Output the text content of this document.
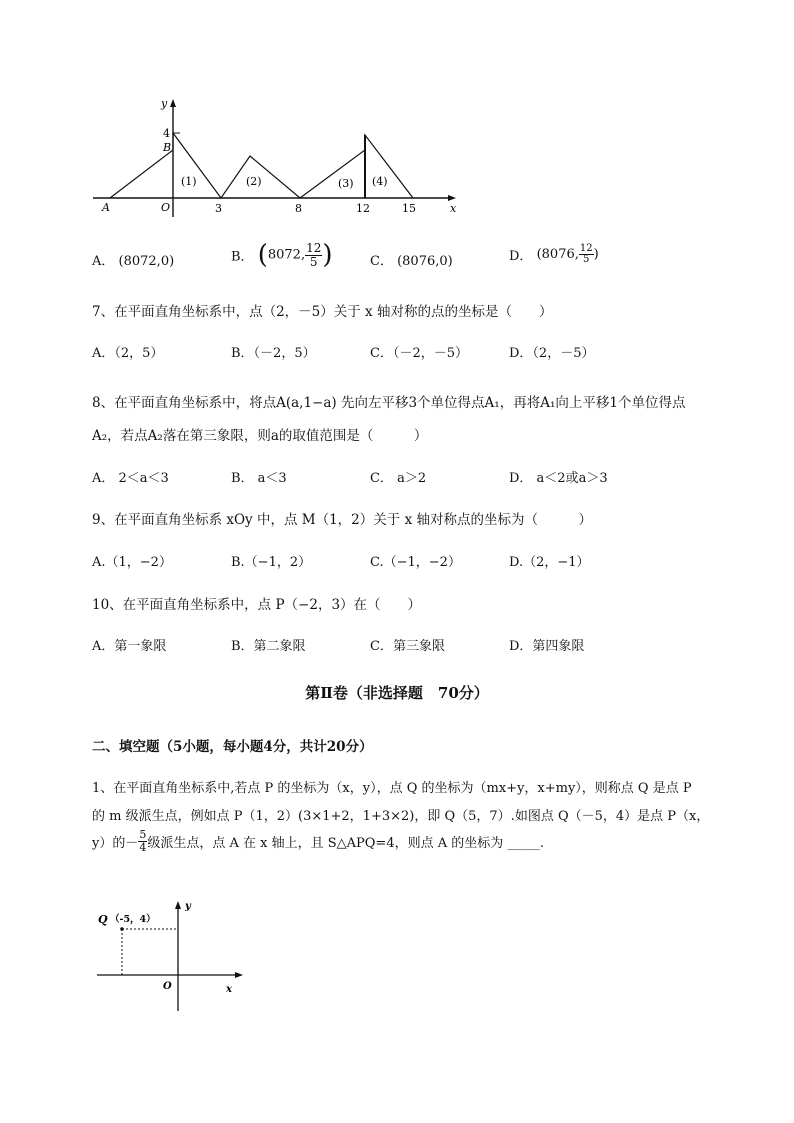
y
4
B
A	O	3	8	12	15	x
(1)	(2)	(3) (4)
A． (8072,0)	B． (8072, $\frac{12}{5}$ )	C． (8076,0)	D． (8076, $\frac{12}{5}$ )
7、在平面直角坐标系中，点（2，－5）关于 x 轴对称的点的坐标是（　　）
A．（2，5）	B．（－2，5）	C．（－2，－5）	D．（2，－5）
8、在平面直角坐标系中，将点A(a,1−a) 先向左平移3个单位得点A₁，再将A₁向上平移1个单位得点
A₂，若点A₂落在第三象限，则a的取值范围是（　　　）
A． 2＜a＜3	B． a＜3	C． a＞2	D． a＜2或a＞3
9、在平面直角坐标系 xOy 中，点 M（1，2）关于 x 轴对称点的坐标为（　　　）
A.（1，−2）	B.（−1，2）	C.（−1，−2）	D.（2，−1）
10、在平面直角坐标系中，点 P（−2，3）在（　　）
A．第一象限	B．第二象限	C．第三象限	D．第四象限
第Ⅱ卷（非选择题　70分）
二、填空题（5小题，每小题4分，共计20分）
1、在平面直角坐标系中,若点 P 的坐标为（x，y），点 Q 的坐标为（mx+y，x+my），则称点 Q 是点 P
的 m 级派生点，例如点 P（1，2）(3×1+2，1+3×2)，即 Q（5，7）.如图点 Q（－5，4）是点 P（x，
y）的－ $\frac{5}{4}$ 级派生点，点 A 在 x 轴上，且 S△APQ=4，则点 A 的坐标为 _____.
Q （-5，4）
y
x
O
